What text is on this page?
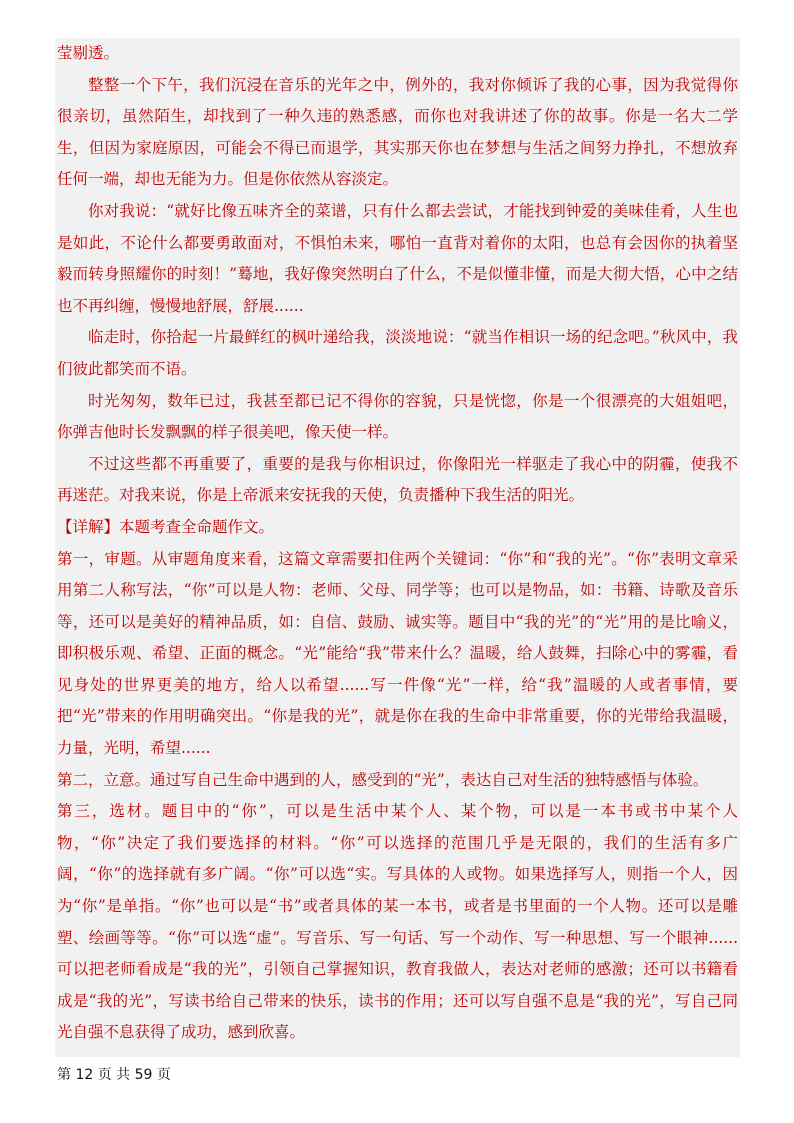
莹剔透。

整整一个下午，我们沉浸在音乐的光年之中，例外的，我对你倾诉了我的心事，因为我觉得你很亲切，虽然陌生，却找到了一种久违的熟悉感，而你也对我讲述了你的故事。你是一名大二学生，但因为家庭原因，可能会不得已而退学，其实那天你也在梦想与生活之间努力挣扎，不想放弃任何一端，却也无能为力。但是你依然从容淡定。

你对我说：“就好比像五味齐全的菜谱，只有什么都去尝试，才能找到钟爱的美味佳肴，人生也是如此，不论什么都要勇敢面对，不惧怕未来，哪怕一直背对着你的太阳，也总有会因你的执着坚毅而转身照耀你的时刻！”蓦地，我好像突然明白了什么，不是似懂非懂，而是大彻大悟，心中之结也不再纠缠，慢慢地舒展，舒展......

临走时，你拾起一片最鲜红的枫叶递给我，淡淡地说：“就当作相识一场的纪念吧。”秋风中，我们彼此都笑而不语。

时光匆匆，数年已过，我甚至都已记不得你的容貌，只是恍惚，你是一个很漂亮的大姐姐吧，你弹吉他时长发飘飘的样子很美吧，像天使一样。

不过这些都不再重要了，重要的是我与你相识过，你像阳光一样驱走了我心中的阴霾，使我不再迷茫。对我来说，你是上帝派来安抚我的天使，负责播种下我生活的阳光。

【详解】本题考查全命题作文。

第一，审题。从审题角度来看，这篇文章需要扣住两个关键词：“你”和“我的光”。“你”表明文章采用第二人称写法，“你”可以是人物：老师、父母、同学等；也可以是物品，如：书籍、诗歌及音乐等，还可以是美好的精神品质，如：自信、鼓励、诚实等。题目中“我的光”的“光”用的是比喻义，即积极乐观、希望、正面的概念。“光”能给“我”带来什么？温暖，给人鼓舞，扫除心中的雾霾，看见身处的世界更美的地方，给人以希望......写一件像“光”一样，给“我”温暖的人或者事情，要把“光”带来的作用明确突出。“你是我的光”，就是你在我的生命中非常重要，你的光带给我温暖，力量，光明，希望......

第二，立意。通过写自己生命中遇到的人，感受到的“光”，表达自己对生活的独特感悟与体验。

第三，选材。题目中的“你”，可以是生活中某个人、某个物，可以是一本书或书中某个人物，“你”决定了我们要选择的材料。“你”可以选择的范围几乎是无限的，我们的生活有多广阔，“你”的选择就有多广阔。“你”可以选“实。写具体的人或物。如果选择写人，则指一个人，因为“你”是单指。“你”也可以是“书”或者具体的某一本书，或者是书里面的一个人物。还可以是雕塑、绘画等等。“你”可以选“虚”。写音乐、写一句话、写一个动作、写一种思想、写一个眼神......可以把老师看成是“我的光”，引领自己掌握知识，教育我做人，表达对老师的感激；还可以书籍看成是“我的光”，写读书给自己带来的快乐，读书的作用；还可以写自强不息是“我的光”，写自己同光自强不息获得了成功，感到欣喜。

第 12 页 共 59 页
